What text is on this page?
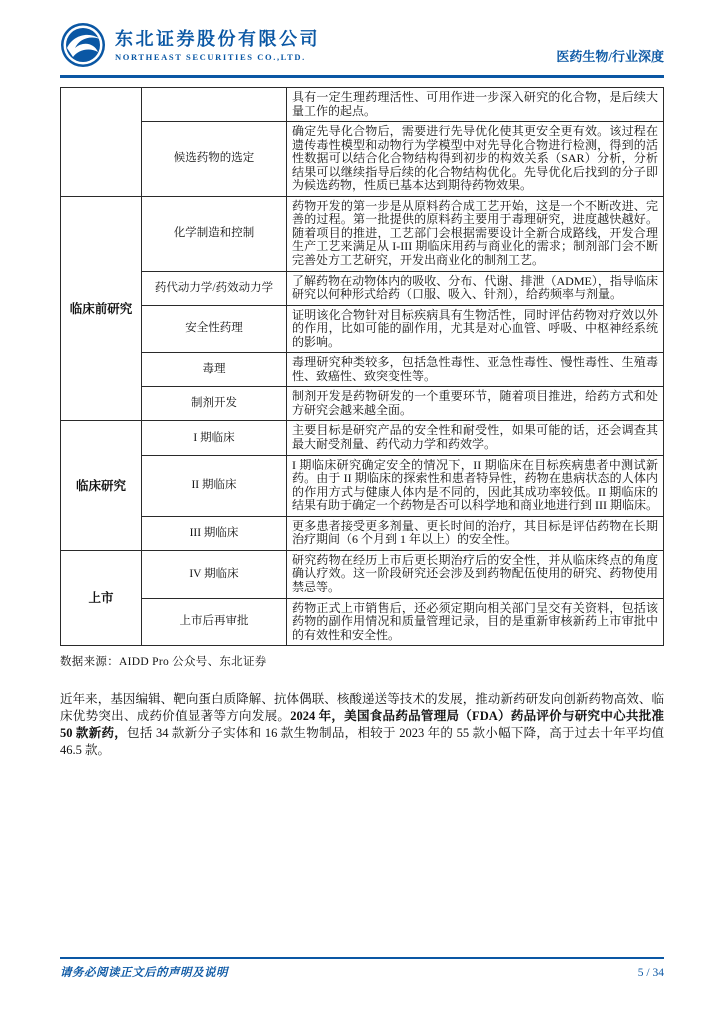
东北证券股份有限公司
NORTHEAST SECURITIES CO.,LTD.	医药生物/行业深度
		具有一定生理药理活性、可用作进一步深入研究的化合物，是后续大量工作的起点。
	候选药物的选定	确定先导化合物后，需要进行先导优化使其更安全更有效。该过程在遗传毒性模型和动物行为学模型中对先导化合物进行检测，得到的活性数据可以结合化合物结构得到初步的构效关系（SAR）分析，分析结果可以继续指导后续的化合物结构优化。先导优化后找到的分子即为候选药物，性质已基本达到期待药物效果。
临床前研究	化学制造和控制	药物开发的第一步是从原料药合成工艺开始，这是一个不断改进、完善的过程。第一批提供的原料药主要用于毒理研究，进度越快越好。随着项目的推进，工艺部门会根据需要设计全新合成路线，开发合理生产工艺来满足从 I-III 期临床用药与商业化的需求；制剂部门会不断完善处方工艺研究，开发出商业化的制剂工艺。
	药代动力学/药效动力学	了解药物在动物体内的吸收、分布、代谢、排泄（ADME），指导临床研究以何种形式给药（口服、吸入、针剂），给药频率与剂量。
	安全性药理	证明该化合物针对目标疾病具有生物活性，同时评估药物对疗效以外的作用，比如可能的副作用，尤其是对心血管、呼吸、中枢神经系统的影响。
	毒理	毒理研究种类较多，包括急性毒性、亚急性毒性、慢性毒性、生殖毒性、致癌性、致突变性等。
	制剂开发	制剂开发是药物研发的一个重要环节，随着项目推进，给药方式和处方研究会越来越全面。
临床研究	I 期临床	主要目标是研究产品的安全性和耐受性，如果可能的话，还会调查其最大耐受剂量、药代动力学和药效学。
	II 期临床	I 期临床研究确定安全的情况下，II 期临床在目标疾病患者中测试新药。由于 II 期临床的探索性和患者特异性，药物在患病状态的人体内的作用方式与健康人体内是不同的，因此其成功率较低。II 期临床的结果有助于确定一个药物是否可以科学地和商业地进行到 III 期临床。
	III 期临床	更多患者接受更多剂量、更长时间的治疗，其目标是评估药物在长期治疗期间（6 个月到 1 年以上）的安全性。
上市	IV 期临床	研究药物在经历上市后更长期治疗后的安全性，并从临床终点的角度确认疗效。这一阶段研究还会涉及到药物配伍使用的研究、药物使用禁忌等。
	上市后再审批	药物正式上市销售后，还必须定期向相关部门呈交有关资料，包括该药物的副作用情况和质量管理记录，目的是重新审核新药上市审批中的有效性和安全性。
数据来源：AIDD Pro 公众号、东北证券

近年来，基因编辑、靶向蛋白质降解、抗体偶联、核酸递送等技术的发展，推动新药研发向创新药物高效、临床优势突出、成药价值显著等方向发展。2024 年，美国食品药品管理局（FDA）药品评价与研究中心共批准 50 款新药，包括 34 款新分子实体和 16 款生物制品，相较于 2023 年的 55 款小幅下降，高于过去十年平均值 46.5 款。

请务必阅读正文后的声明及说明	5 / 34
